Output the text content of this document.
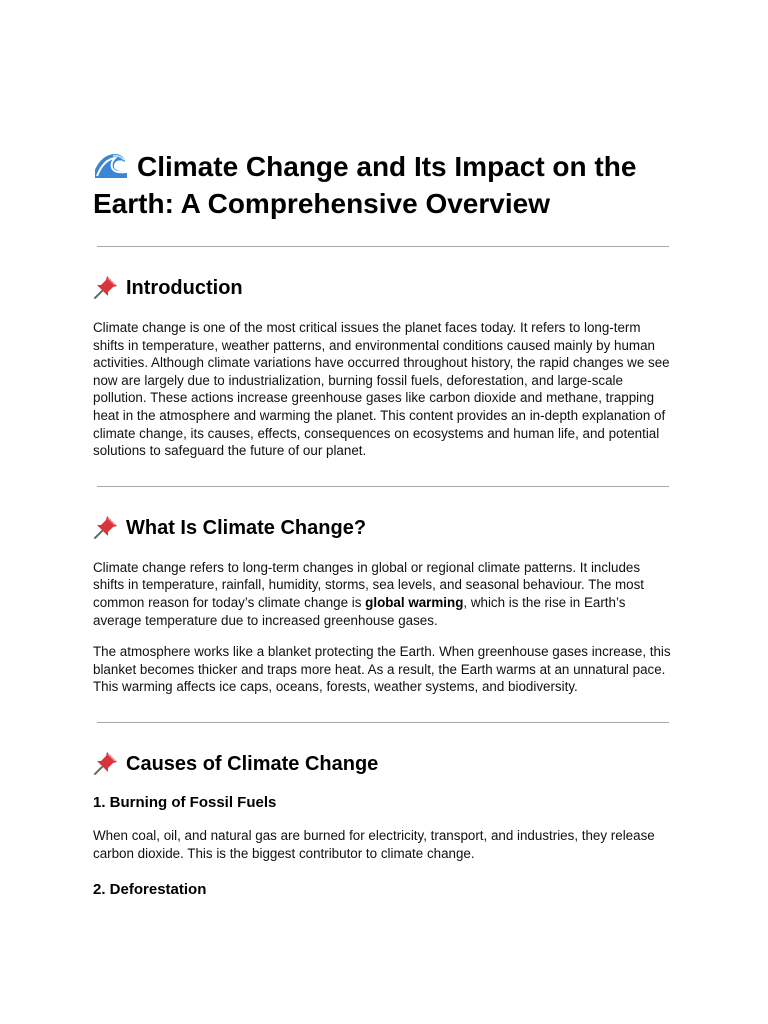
Climate Change and Its Impact on the Earth: A Comprehensive Overview
Introduction

Climate change is one of the most critical issues the planet faces today. It refers to long-term shifts in temperature, weather patterns, and environmental conditions caused mainly by human activities. Although climate variations have occurred throughout history, the rapid changes we see now are largely due to industrialization, burning fossil fuels, deforestation, and large-scale pollution. These actions increase greenhouse gases like carbon dioxide and methane, trapping heat in the atmosphere and warming the planet. This content provides an in-depth explanation of climate change, its causes, effects, consequences on ecosystems and human life, and potential solutions to safeguard the future of our planet.

What Is Climate Change?

Climate change refers to long-term changes in global or regional climate patterns. It includes shifts in temperature, rainfall, humidity, storms, sea levels, and seasonal behaviour. The most common reason for today’s climate change is global warming, which is the rise in Earth’s average temperature due to increased greenhouse gases.

The atmosphere works like a blanket protecting the Earth. When greenhouse gases increase, this blanket becomes thicker and traps more heat. As a result, the Earth warms at an unnatural pace. This warming affects ice caps, oceans, forests, weather systems, and biodiversity.

Causes of Climate Change
1. Burning of Fossil Fuels

When coal, oil, and natural gas are burned for electricity, transport, and industries, they release carbon dioxide. This is the biggest contributor to climate change.

2. Deforestation
